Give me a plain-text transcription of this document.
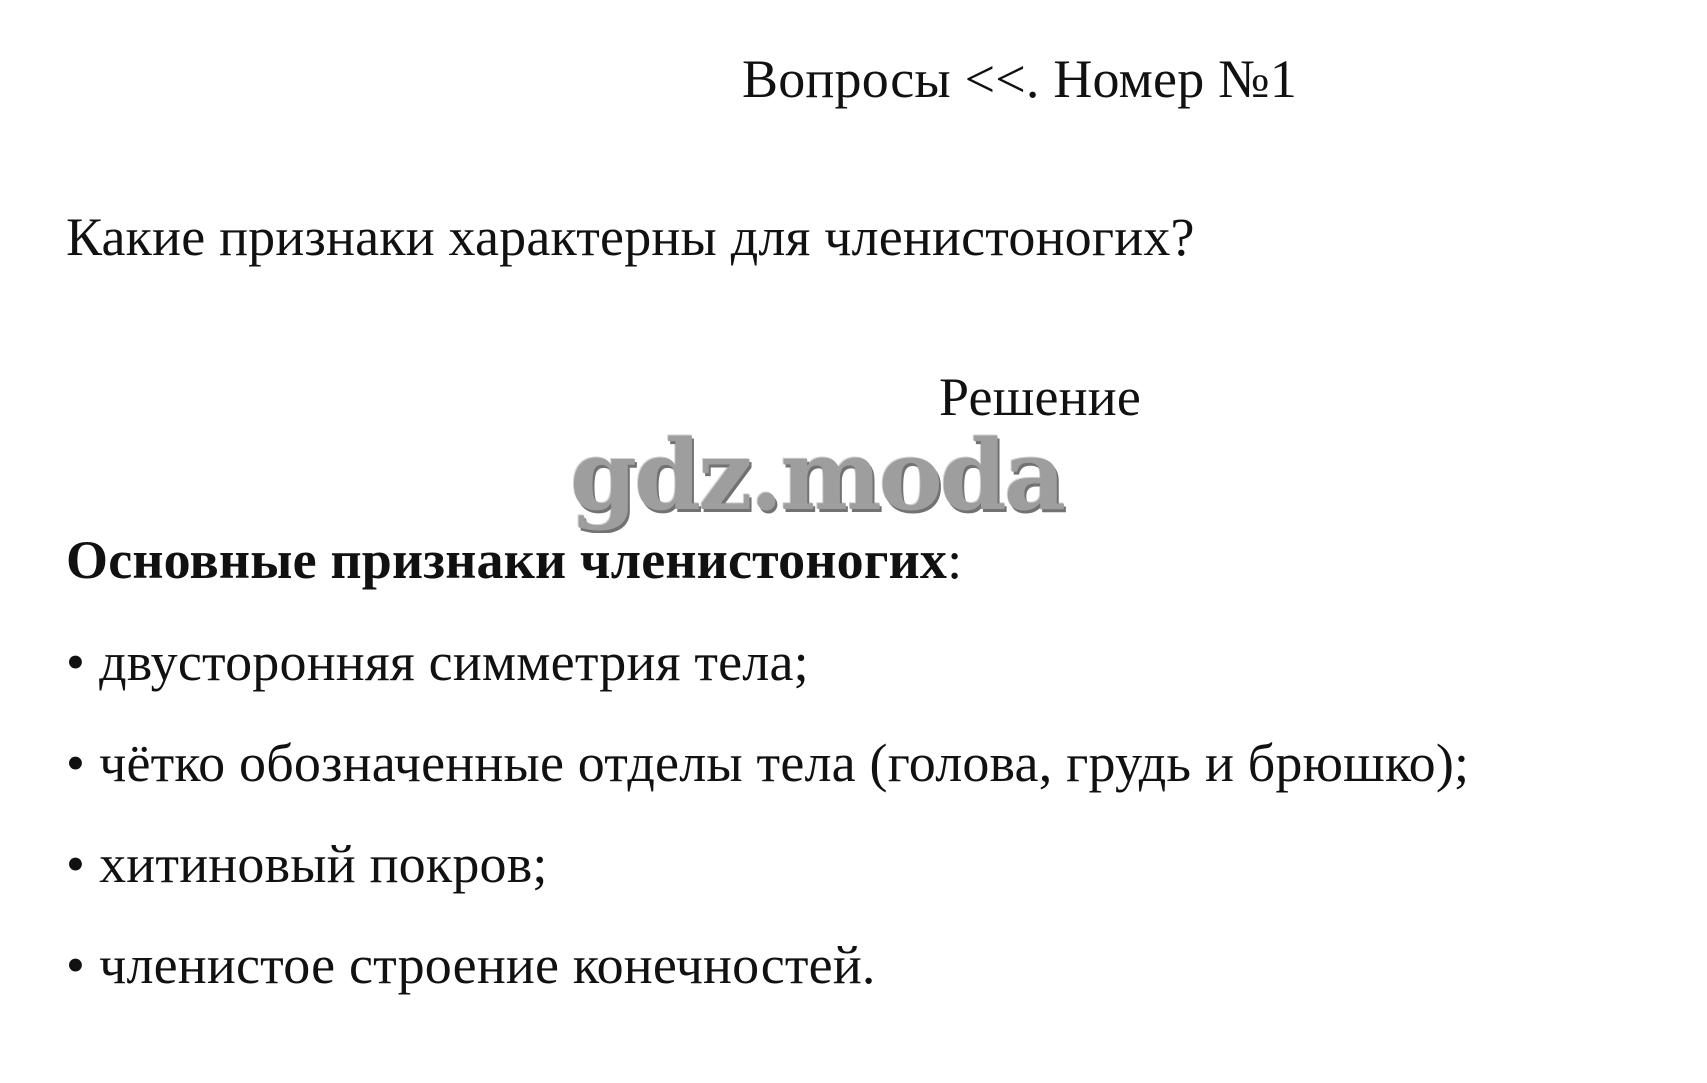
Вопросы <<. Номер №1
Какие признаки характерны для членистоногих?
Решение
gdz.moda
Основные признаки членистоногих:
• двусторонняя симметрия тела;
• чётко обозначенные отделы тела (голова, грудь и брюшко);
• хитиновый покров;
• членистое строение конечностей.
